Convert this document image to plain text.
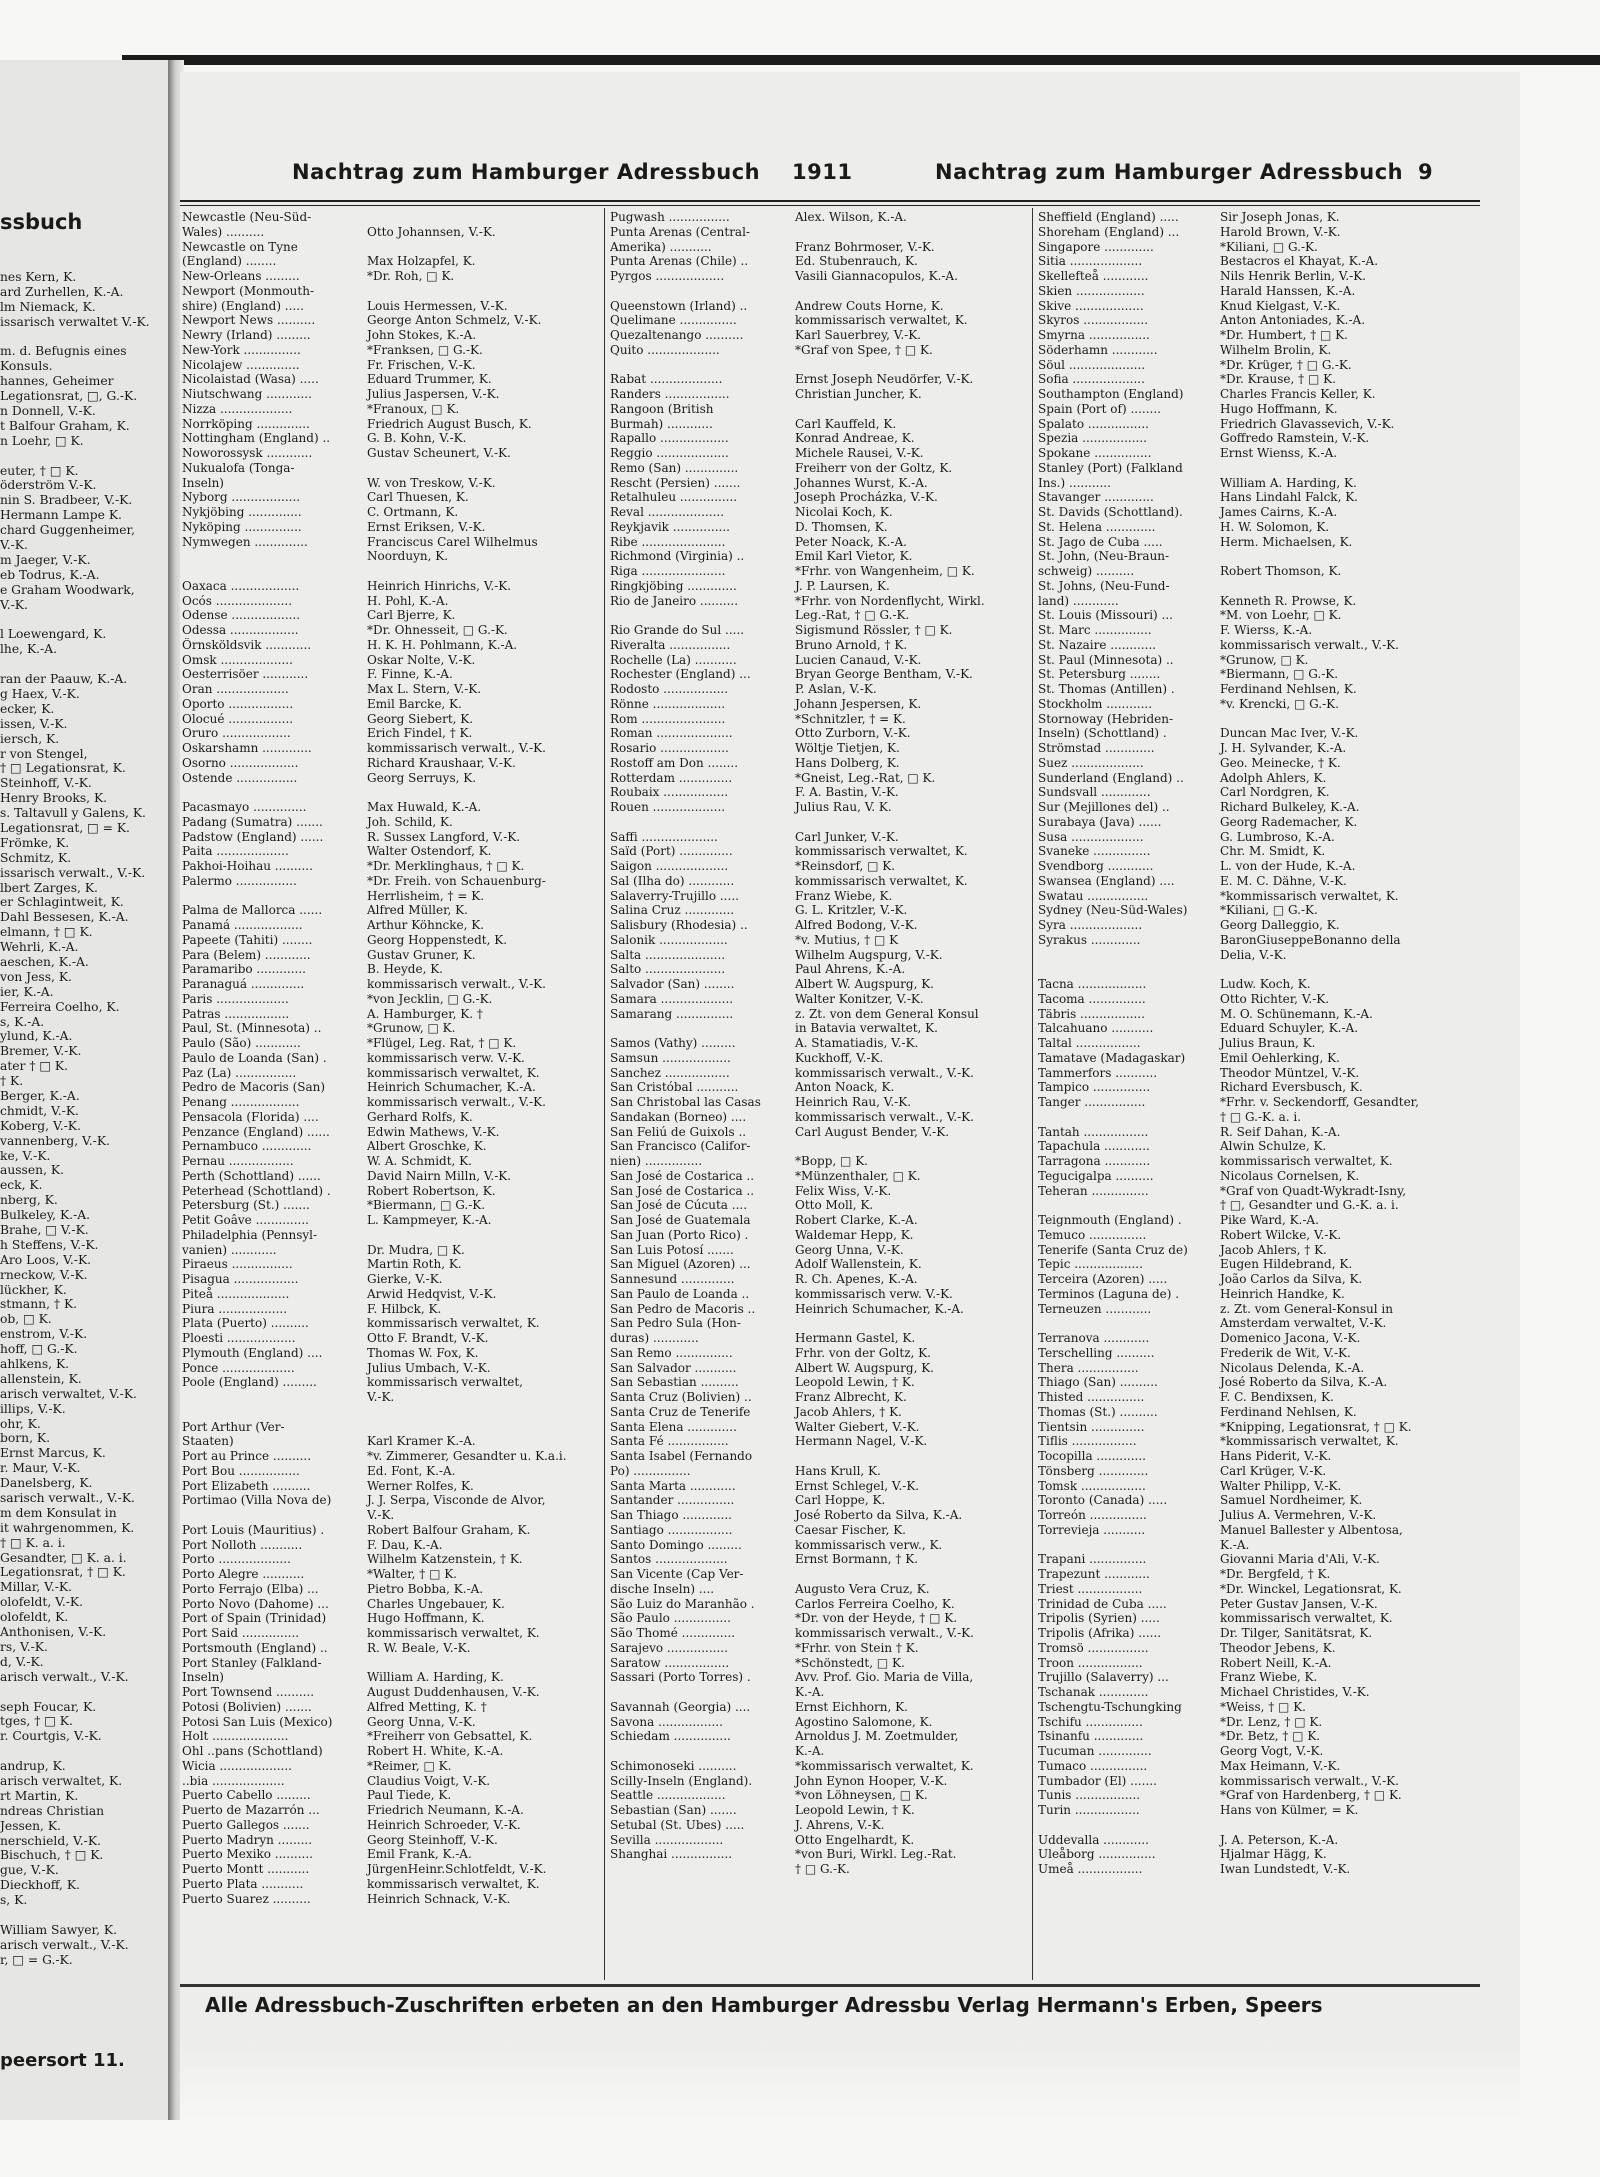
ssbuch
nes Kern, K.
ard Zurhellen, K.-A.
lm Niemack, K.
issarisch verwaltet V.-K.
m. d. Befugnis eines
Konsuls.
hannes, Geheimer
Legationsrat, □, G.-K.
n Donnell, V.-K.
t Balfour Graham, K.
n Loehr, □ K.
euter, † □ K.
öderström V.-K.
nin S. Bradbeer, V.-K.
Hermann Lampe K.
chard Guggenheimer,
V.-K.
m Jaeger, V.-K.
eb Todrus, K.-A.
e Graham Woodwark,
V.-K.
l Loewengard, K.
lhe, K.-A.
ran der Paauw, K.-A.
g Haex, V.-K.
ecker, K.
issen, V.-K.
iersch, K.
r von Stengel,
† □ Legationsrat, K.
Steinhoff, V.-K.
Henry Brooks, K.
s. Taltavull y Galens, K.
Legationsrat, □ = K.
Frömke, K.
Schmitz, K.
issarisch verwalt., V.-K.
lbert Zarges, K.
er Schlagintweit, K.
Dahl Bessesen, K.-A.
elmann, † □ K.
Wehrli, K.-A.
aeschen, K.-A.
von Jess, K.
ier, K.-A.
Ferreira Coelho, K.
s, K.-A.
ylund, K.-A.
Bremer, V.-K.
ater † □ K.
† K.
Berger, K.-A.
chmidt, V.-K.
Koberg, V.-K.
vannenberg, V.-K.
ke, V.-K.
aussen, K.
eck, K.
nberg, K.
Bulkeley, K.-A.
Brahe, □ V.-K.
h Steffens, V.-K.
Aro Loos, V.-K.
rneckow, V.-K.
lückher, K.
stmann, † K.
ob, □ K.
enstrom, V.-K.
hoff, □ G.-K.
ahlkens, K.
allenstein, K.
arisch verwaltet, V.-K.
illips, V.-K.
ohr, K.
born, K.
Ernst Marcus, K.
r. Maur, V.-K.
Danelsberg, K.
sarisch verwalt., V.-K.
m dem Konsulat in
it wahrgenommen, K.
† □ K. a. i.
Gesandter, □ K. a. i.
Legationsrat, † □ K.
Millar, V.-K.
olofeldt, V.-K.
olofeldt, K.
Anthonisen, V.-K.
rs, V.-K.
d, V.-K.
arisch verwalt., V.-K.
seph Foucar, K.
tges, † □ K.
r. Courtgis, V.-K.
andrup, K.
arisch verwaltet, K.
rt Martin, K.
ndreas Christian
Jessen, K.
nerschield, V.-K.
Bischuch, † □ K.
gue, V.-K.
Dieckhoff, K.
s, K.
William Sawyer, K.
arisch verwalt., V.-K.
r, □ = G.-K.
peersort 11.
Nachtrag zum Hamburger Adressbuch 1911	Nachtrag zum Hamburger Adressbuch 9
Newcastle (Neu-Süd-
Wales) ..........	Otto Johannsen, V.-K.
Newcastle on Tyne
(England) ........	Max Holzapfel, K.
New-Orleans .........	*Dr. Roh, □ K.
Newport (Monmouth-
shire) (England) .....	Louis Hermessen, V.-K.
Newport News ..........	George Anton Schmelz, V.-K.
Newry (Irland) .........	John Stokes, K.-A.
New-York ...............	*Franksen, □ G.-K.
Nicolajew ..............	Fr. Frischen, V.-K.
Nicolaistad (Wasa) .....	Eduard Trummer, K.
Niutschwang ............	Julius Jaspersen, V.-K.
Nizza ...................	*Franoux, □ K.
Norrköping ..............	Friedrich August Busch, K.
Nottingham (England) ..	G. B. Kohn, V.-K.
Noworossysk ............	Gustav Scheunert, V.-K.
Nukualofa (Tonga-
Inseln)	W. von Treskow, V.-K.
Nyborg ..................	Carl Thuesen, K.
Nykjöbing ..............	C. Ortmann, K.
Nyköping ...............	Ernst Eriksen, V.-K.
Nymwegen ..............	Franciscus Carel Wilhelmus
Noorduyn, K.
Oaxaca ..................	Heinrich Hinrichs, V.-K.
Ocós ....................	H. Pohl, K.-A.
Odense ..................	Carl Bjerre, K.
Odessa ..................	*Dr. Ohnesseit, □ G.-K.
Örnsköldsvik ............	H. K. H. Pohlmann, K.-A.
Omsk ...................	Oskar Nolte, V.-K.
Oesterrisöer ............	F. Finne, K.-A.
Oran ...................	Max L. Stern, V.-K.
Oporto .................	Emil Barcke, K.
Olocué .................	Georg Siebert, K.
Oruro ..................	Erich Findel, † K.
Oskarshamn .............	kommissarisch verwalt., V.-K.
Osorno ..................	Richard Kraushaar, V.-K.
Ostende ................	Georg Serruys, K.
Pacasmayo ..............	Max Huwald, K.-A.
Padang (Sumatra) .......	Joh. Schild, K.
Padstow (England) ......	R. Sussex Langford, V.-K.
Paita ...................	Walter Ostendorf, K.
Pakhoi-Hoihau ..........	*Dr. Merklinghaus, † □ K.
Palermo ................	*Dr. Freih. von Schauenburg-
Herrlisheim, † = K.
Palma de Mallorca ......	Alfred Müller, K.
Panamá ..................	Arthur Köhncke, K.
Papeete (Tahiti) ........	Georg Hoppenstedt, K.
Para (Belem) ............	Gustav Gruner, K.
Paramaribo .............	B. Heyde, K.
Paranaguá ..............	kommissarisch verwalt., V.-K.
Paris ...................	*von Jecklin, □ G.-K.
Patras .................	A. Hamburger, K. †
Paul, St. (Minnesota) ..	*Grunow, □ K.
Paulo (São) ............	*Flügel, Leg. Rat, † □ K.
Paulo de Loanda (San) .	kommissarisch verw. V.-K.
Paz (La) ................	kommissarisch verwaltet, K.
Pedro de Macoris (San)	Heinrich Schumacher, K.-A.
Penang ..................	kommissarisch verwalt., V.-K.
Pensacola (Florida) ....	Gerhard Rolfs, K.
Penzance (England) ......	Edwin Mathews, V.-K.
Pernambuco .............	Albert Groschke, K.
Pernau .................	W. A. Schmidt, K.
Perth (Schottland) ......	David Nairn Milln, V.-K.
Peterhead (Schottland) .	Robert Robertson, K.
Petersburg (St.) .......	*Biermann, □ G.-K.
Petit Goâve ..............	L. Kampmeyer, K.-A.
Philadelphia (Pennsyl-
vanien) ............	Dr. Mudra, □ K.
Piraeus ................	Martin Roth, K.
Pisagua .................	Gierke, V.-K.
Piteå ...................	Arwid Hedqvist, V.-K.
Piura ..................	F. Hilbck, K.
Plata (Puerto) ..........	kommissarisch verwaltet, K.
Ploesti ..................	Otto F. Brandt, V.-K.
Plymouth (England) ....	Thomas W. Fox, K.
Ponce ...................	Julius Umbach, V.-K.
Poole (England) .........	kommissarisch verwaltet,
V.-K.
Port Arthur (Ver-
Staaten)	Karl Kramer K.-A.
Port au Prince ..........	*v. Zimmerer, Gesandter u. K.a.i.
Port Bou ................	Ed. Font, K.-A.
Port Elizabeth ..........	Werner Rolfes, K.
Portimao (Villa Nova de)	J. J. Serpa, Visconde de Alvor,
V.-K.
Port Louis (Mauritius) .	Robert Balfour Graham, K.
Port Nolloth ...........	F. Dau, K.-A.
Porto ...................	Wilhelm Katzenstein, † K.
Porto Alegre ...........	*Walter, † □ K.
Porto Ferrajo (Elba) ...	Pietro Bobba, K.-A.
Porto Novo (Dahome) ...	Charles Ungebauer, K.
Port of Spain (Trinidad)	Hugo Hoffmann, K.
Port Said ...............	kommissarisch verwaltet, K.
Portsmouth (England) ..	R. W. Beale, V.-K.
Port Stanley (Falkland-
Inseln)	William A. Harding, K.
Port Townsend ..........	August Duddenhausen, V.-K.
Potosi (Bolivien) .......	Alfred Metting, K. †
Potosi San Luis (Mexico)	Georg Unna, V.-K.
Holt ....................	*Freiherr von Gebsattel, K.
Ohl ..pans (Schottland)	Robert H. White, K.-A.
Wicia ...................	*Reimer, □ K.
..bia ...................	Claudius Voigt, V.-K.
Puerto Cabello .........	Paul Tiede, K.
Puerto de Mazarrón ...	Friedrich Neumann, K.-A.
Puerto Gallegos .......	Heinrich Schroeder, V.-K.
Puerto Madryn .........	Georg Steinhoff, V.-K.
Puerto Mexiko ..........	Emil Frank, K.-A.
Puerto Montt ...........	JürgenHeinr.Schlotfeldt, V.-K.
Puerto Plata ...........	kommissarisch verwaltet, K.
Puerto Suarez ..........	Heinrich Schnack, V.-K.
Pugwash ................	Alex. Wilson, K.-A.
Punta Arenas (Central-
Amerika) ...........	Franz Bohrmoser, V.-K.
Punta Arenas (Chile) ..	Ed. Stubenrauch, K.
Pyrgos ..................	Vasili Giannacopulos, K.-A.
Queenstown (Irland) ..	Andrew Couts Horne, K.
Quelimane ...............	kommissarisch verwaltet, K.
Quezaltenango ..........	Karl Sauerbrey, V.-K.
Quito ...................	*Graf von Spee, † □ K.
Rabat ...................	Ernst Joseph Neudörfer, V.-K.
Randers .................	Christian Juncher, K.
Rangoon (British
Burmah) ............	Carl Kauffeld, K.
Rapallo ..................	Konrad Andreae, K.
Reggio ...................	Michele Rausei, V.-K.
Remo (San) ..............	Freiherr von der Goltz, K.
Rescht (Persien) .......	Johannes Wurst, K.-A.
Retalhuleu ...............	Joseph Procházka, V.-K.
Reval ....................	Nicolai Koch, K.
Reykjavik ...............	D. Thomsen, K.
Ribe ......................	Peter Noack, K.-A.
Richmond (Virginia) ..	Emil Karl Vietor, K.
Riga ......................	*Frhr. von Wangenheim, □ K.
Ringkjöbing .............	J. P. Laursen, K.
Rio de Janeiro ..........	*Frhr. von Nordenflycht, Wirkl.
Leg.-Rat, † □ G.-K.
Rio Grande do Sul .....	Sigismund Rössler, † □ K.
Riveralta ................	Bruno Arnold, † K.
Rochelle (La) ...........	Lucien Canaud, V.-K.
Rochester (England) ...	Bryan George Bentham, V.-K.
Rodosto .................	P. Aslan, V.-K.
Rönne ...................	Johann Jespersen, K.
Rom ......................	*Schnitzler, † = K.
Roman ....................	Otto Zurborn, V.-K.
Rosario ..................	Wöltje Tietjen, K.
Rostoff am Don ........	Hans Dolberg, K.
Rotterdam ..............	*Gneist, Leg.-Rat, □ K.
Roubaix .................	F. A. Bastin, V.-K.
Rouen ...................	Julius Rau, V. K.
Saffi ....................	Carl Junker, V.-K.
Saïd (Port) ..............	kommissarisch verwaltet, K.
Saigon ...................	*Reinsdorf, □ K.
Sal (Ilha do) ............	kommissarisch verwaltet, K.
Salaverry-Trujillo .....	Franz Wiebe, K.
Salina Cruz .............	G. L. Kritzler, V.-K.
Salisbury (Rhodesia) ..	Alfred Bodong, V.-K.
Salonik ..................	*v. Mutius, † □ K
Salta .....................	Wilhelm Augspurg, V.-K.
Salto .....................	Paul Ahrens, K.-A.
Salvador (San) ........	Albert W. Augspurg, K.
Samara ...................	Walter Konitzer, V.-K.
Samarang ...............	z. Zt. von dem General Konsul
in Batavia verwaltet, K.
Samos (Vathy) .........	A. Stamatiadis, V.-K.
Samsun ..................	Kuckhoff, V.-K.
Sanchez .................	kommissarisch verwalt., V.-K.
San Cristóbal ...........	Anton Noack, K.
San Christobal las Casas	Heinrich Rau, V.-K.
Sandakan (Borneo) ....	kommissarisch verwalt., V.-K.
San Feliú de Guixols ..	Carl August Bender, V.-K.
San Francisco (Califor-
nien) ...............	*Bopp, □ K.
San José de Costarica ..	*Münzenthaler, □ K.
San José de Costarica ..	Felix Wiss, V.-K.
San José de Cúcuta ....	Otto Moll, K.
San José de Guatemala	Robert Clarke, K.-A.
San Juan (Porto Rico) .	Waldemar Hepp, K.
San Luis Potosí .......	Georg Unna, V.-K.
San Miguel (Azoren) ...	Adolf Wallenstein, K.
Sannesund ..............	R. Ch. Apenes, K.-A.
San Paulo de Loanda ..	kommissarisch verw. V.-K.
San Pedro de Macoris ..	Heinrich Schumacher, K.-A.
San Pedro Sula (Hon-
duras) ............	Hermann Gastel, K.
San Remo ...............	Frhr. von der Goltz, K.
San Salvador ...........	Albert W. Augspurg, K.
San Sebastian ..........	Leopold Lewin, † K.
Santa Cruz (Bolivien) ..	Franz Albrecht, K.
Santa Cruz de Tenerife	Jacob Ahlers, † K.
Santa Elena .............	Walter Giebert, V.-K.
Santa Fé ................	Hermann Nagel, V.-K.
Santa Isabel (Fernando
Po) ...............	Hans Krull, K.
Santa Marta ............	Ernst Schlegel, V.-K.
Santander ...............	Carl Hoppe, K.
San Thiago .............	José Roberto da Silva, K.-A.
Santiago .................	Caesar Fischer, K.
Santo Domingo .........	kommissarisch verw., K.
Santos ...................	Ernst Bormann, † K.
San Vicente (Cap Ver-
dische Inseln) ....	Augusto Vera Cruz, K.
São Luiz do Maranhão .	Carlos Ferreira Coelho, K.
São Paulo ...............	*Dr. von der Heyde, † □ K.
São Thomé ..............	kommissarisch verwalt., V.-K.
Sarajevo ................	*Frhr. von Stein † K.
Saratow .................	*Schönstedt, □ K.
Sassari (Porto Torres) .	Avv. Prof. Gio. Maria de Villa,
K.-A.
Savannah (Georgia) ....	Ernst Eichhorn, K.
Savona .................	Agostino Salomone, K.
Schiedam ...............	Arnoldus J. M. Zoetmulder,
K.-A.
Schimonoseki ..........	*kommissarisch verwaltet, K.
Scilly-Inseln (England).	John Eynon Hooper, V.-K.
Seattle ..................	*von Löhneysen, □ K.
Sebastian (San) .......	Leopold Lewin, † K.
Setubal (St. Ubes) .....	J. Ahrens, V.-K.
Sevilla ..................	Otto Engelhardt, K.
Shanghai ................	*von Buri, Wirkl. Leg.-Rat.
† □ G.-K.
Sheffield (England) .....	Sir Joseph Jonas, K.
Shoreham (England) ...	Harold Brown, V.-K.
Singapore .............	*Kiliani, □ G.-K.
Sitia ...................	Bestacros el Khayat, K.-A.
Skellefteå ............	Nils Henrik Berlin, V.-K.
Skien ..................	Harald Hanssen, K.-A.
Skive ..................	Knud Kielgast, V.-K.
Skyros .................	Anton Antoniades, K.-A.
Smyrna ................	*Dr. Humbert, † □ K.
Söderhamn ............	Wilhelm Brolin, K.
Söul ....................	*Dr. Krüger, † □ G.-K.
Sofia ...................	*Dr. Krause, † □ K.
Southampton (England)	Charles Francis Keller, K.
Spain (Port of) ........	Hugo Hoffmann, K.
Spalato ................	Friedrich Glavassevich, V.-K.
Spezia .................	Goffredo Ramstein, V.-K.
Spokane ...............	Ernst Wienss, K.-A.
Stanley (Port) (Falkland
Ins.) ...........	William A. Harding, K.
Stavanger .............	Hans Lindahl Falck, K.
St. Davids (Schottland).	James Cairns, K.-A.
St. Helena .............	H. W. Solomon, K.
St. Jago de Cuba .....	Herm. Michaelsen, K.
St. John, (Neu-Braun-
schweig) ..........	Robert Thomson, K.
St. Johns, (Neu-Fund-
land) ............	Kenneth R. Prowse, K.
St. Louis (Missouri) ...	*M. von Loehr, □ K.
St. Marc ...............	F. Wierss, K.-A.
St. Nazaire ............	kommissarisch verwalt., V.-K.
St. Paul (Minnesota) ..	*Grunow, □ K.
St. Petersburg ........	*Biermann, □ G.-K.
St. Thomas (Antillen) .	Ferdinand Nehlsen, K.
Stockholm ............	*v. Krencki, □ G.-K.
Stornoway (Hebriden-
Inseln) (Schottland) .	Duncan Mac Iver, V.-K.
Strömstad .............	J. H. Sylvander, K.-A.
Suez ...................	Geo. Meinecke, † K.
Sunderland (England) ..	Adolph Ahlers, K.
Sundsvall .............	Carl Nordgren, K.
Sur (Mejillones del) ..	Richard Bulkeley, K.-A.
Surabaya (Java) ......	Georg Rademacher, K.
Susa ...................	G. Lumbroso, K.-A.
Svaneke ...............	Chr. M. Smidt, K.
Svendborg ............	L. von der Hude, K.-A.
Swansea (England) ....	E. M. C. Dähne, V.-K.
Swatau ................	*kommissarisch verwaltet, K.
Sydney (Neu-Süd-Wales)	*Kiliani, □ G.-K.
Syra ...................	Georg Dalleggio, K.
Syrakus .............	BaronGiuseppeBonanno della
Delia, V.-K.
Tacna ..................	Ludw. Koch, K.
Tacoma ...............	Otto Richter, V.-K.
Täbris .................	M. O. Schünemann, K.-A.
Talcahuano ...........	Eduard Schuyler, K.-A.
Taltal .................	Julius Braun, K.
Tamatave (Madagaskar)	Emil Oehlerking, K.
Tammerfors ...........	Theodor Müntzel, V.-K.
Tampico ...............	Richard Eversbusch, K.
Tanger ................	*Frhr. v. Seckendorff, Gesandter,
† □ G.-K. a. i.
Tantah .................	R. Seif Dahan, K.-A.
Tapachula ............	Alwin Schulze, K.
Tarragona ............	kommissarisch verwaltet, K.
Tegucigalpa ..........	Nicolaus Cornelsen, K.
Teheran ...............	*Graf von Quadt-Wykradt-Isny,
† □, Gesandter und G.-K. a. i.
Teignmouth (England) .	Pike Ward, K.-A.
Temuco ...............	Robert Wilcke, V.-K.
Tenerife (Santa Cruz de)	Jacob Ahlers, † K.
Tepic ..................	Eugen Hildebrand, K.
Terceira (Azoren) .....	João Carlos da Silva, K.
Terminos (Laguna de) .	Heinrich Handke, K.
Terneuzen ............	z. Zt. vom General-Konsul in
Amsterdam verwaltet, V.-K.
Terranova ............	Domenico Jacona, V.-K.
Terschelling ..........	Frederik de Wit, V.-K.
Thera ................	Nicolaus Delenda, K.-A.
Thiago (San) ..........	José Roberto da Silva, K.-A.
Thisted ...............	F. C. Bendixsen, K.
Thomas (St.) ..........	Ferdinand Nehlsen, K.
Tientsin ..............	*Knipping, Legationsrat, † □ K.
Tiflis .................	*kommissarisch verwaltet, K.
Tocopilla .............	Hans Piderit, V.-K.
Tönsberg .............	Carl Krüger, V.-K.
Tomsk .................	Walter Philipp, V.-K.
Toronto (Canada) .....	Samuel Nordheimer, K.
Torreón ...............	Julius A. Vermehren, V.-K.
Torrevieja ...........	Manuel Ballester y Albentosa,
K.-A.
Trapani ...............	Giovanni Maria d'Ali, V.-K.
Trapezunt ............	*Dr. Bergfeld, † K.
Triest .................	*Dr. Winckel, Legationsrat, K.
Trinidad de Cuba .....	Peter Gustav Jansen, V.-K.
Tripolis (Syrien) .....	kommissarisch verwaltet, K.
Tripolis (Afrika) ......	Dr. Tilger, Sanitätsrat, K.
Tromsö ................	Theodor Jebens, K.
Troon .................	Robert Neill, K.-A.
Trujillo (Salaverry) ...	Franz Wiebe, K.
Tschanak .............	Michael Christides, V.-K.
Tschengtu-Tschungking	*Weiss, † □ K.
Tschifu ...............	*Dr. Lenz, † □ K.
Tsinanfu .............	*Dr. Betz, † □ K.
Tucuman ..............	Georg Vogt, V.-K.
Tumaco ...............	Max Heimann, V.-K.
Tumbador (El) .......	kommissarisch verwalt., V.-K.
Tunis .................	*Graf von Hardenberg, † □ K.
Turin .................	Hans von Külmer, = K.
Uddevalla ............	J. A. Peterson, K.-A.
Uleåborg ...............	Hjalmar Hägg, K.
Umeå .................	Iwan Lundstedt, V.-K.
Alle Adressbuch-Zuschriften erbeten an den Hamburger Adressbu Verlag Hermann's Erben, Speers
